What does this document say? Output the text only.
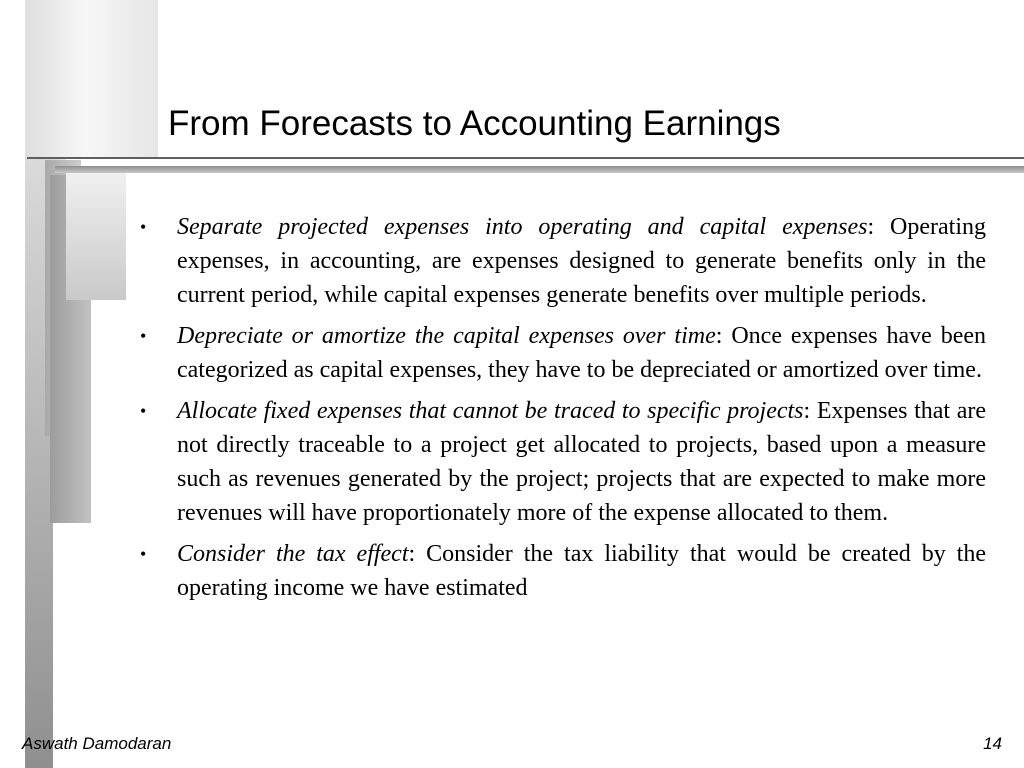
From Forecasts to Accounting Earnings
• Separate projected expenses into operating and capital expenses: Operating expenses, in accounting, are expenses designed to generate benefits only in the current period, while capital expenses generate benefits over multiple periods.
• Depreciate or amortize the capital expenses over time: Once expenses have been categorized as capital expenses, they have to be depreciated or amortized over time.
• Allocate fixed expenses that cannot be traced to specific projects: Expenses that are not directly traceable to a project get allocated to projects, based upon a measure such as revenues generated by the project; projects that are expected to make more revenues will have proportionately more of the expense allocated to them.
• Consider the tax effect: Consider the tax liability that would be created by the operating income we have estimated
Aswath Damodaran	14
